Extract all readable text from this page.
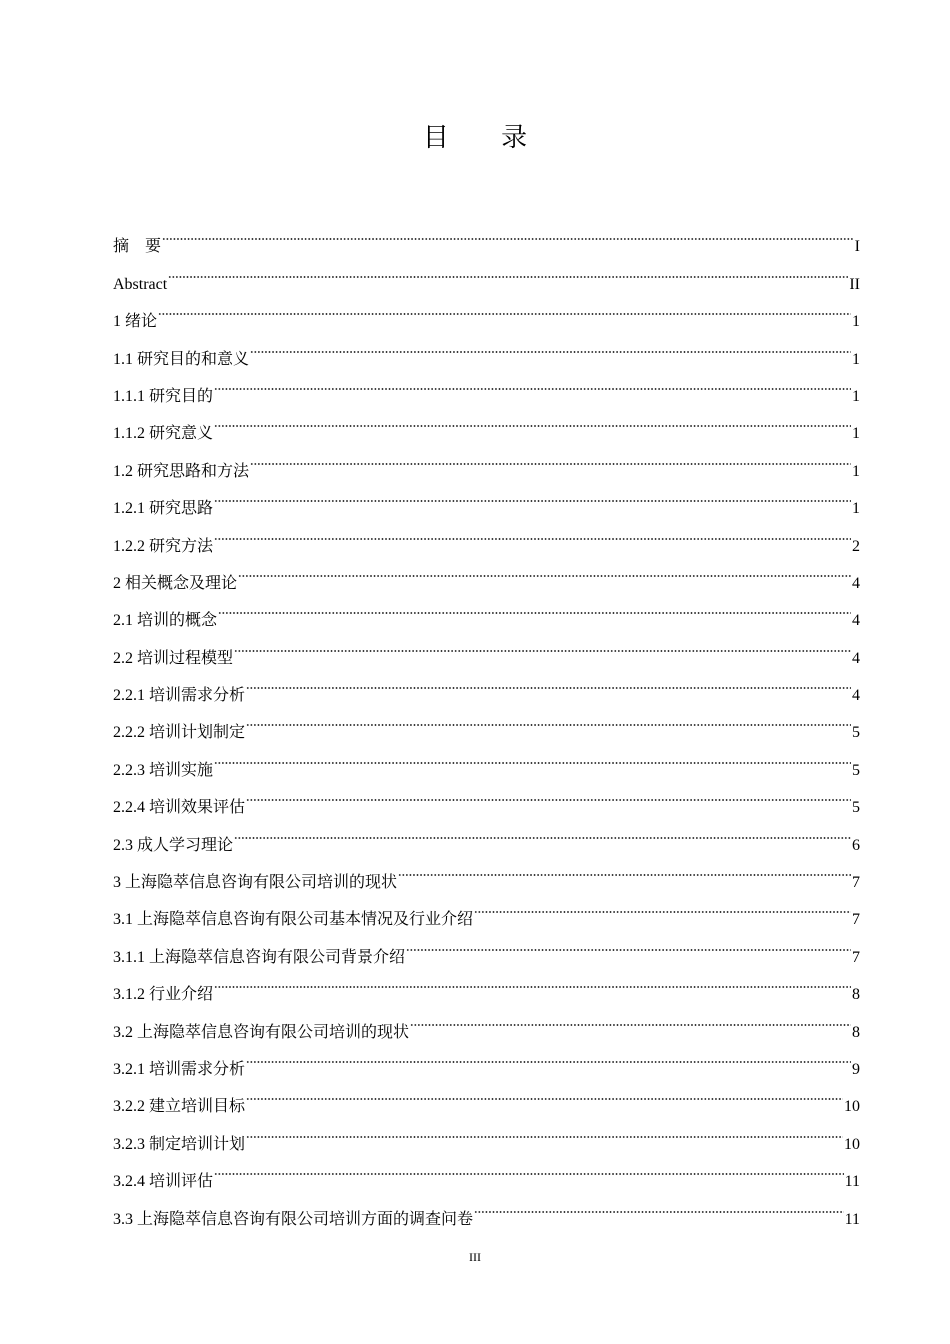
目 录
摘　要	I
Abstract	II
1 绪论	1
1.1 研究目的和意义	1
1.1.1 研究目的	1
1.1.2 研究意义	1
1.2 研究思路和方法	1
1.2.1 研究思路	1
1.2.2 研究方法	2
2 相关概念及理论	4
2.1 培训的概念	4
2.2 培训过程模型	4
2.2.1 培训需求分析	4
2.2.2 培训计划制定	5
2.2.3 培训实施	5
2.2.4 培训效果评估	5
2.3 成人学习理论	6
3 上海隐萃信息咨询有限公司培训的现状	7
3.1 上海隐萃信息咨询有限公司基本情况及行业介绍	7
3.1.1 上海隐萃信息咨询有限公司背景介绍	7
3.1.2 行业介绍	8
3.2 上海隐萃信息咨询有限公司培训的现状	8
3.2.1 培训需求分析	9
3.2.2 建立培训目标	10
3.2.3 制定培训计划	10
3.2.4 培训评估	11
3.3 上海隐萃信息咨询有限公司培训方面的调查问卷	11
III
